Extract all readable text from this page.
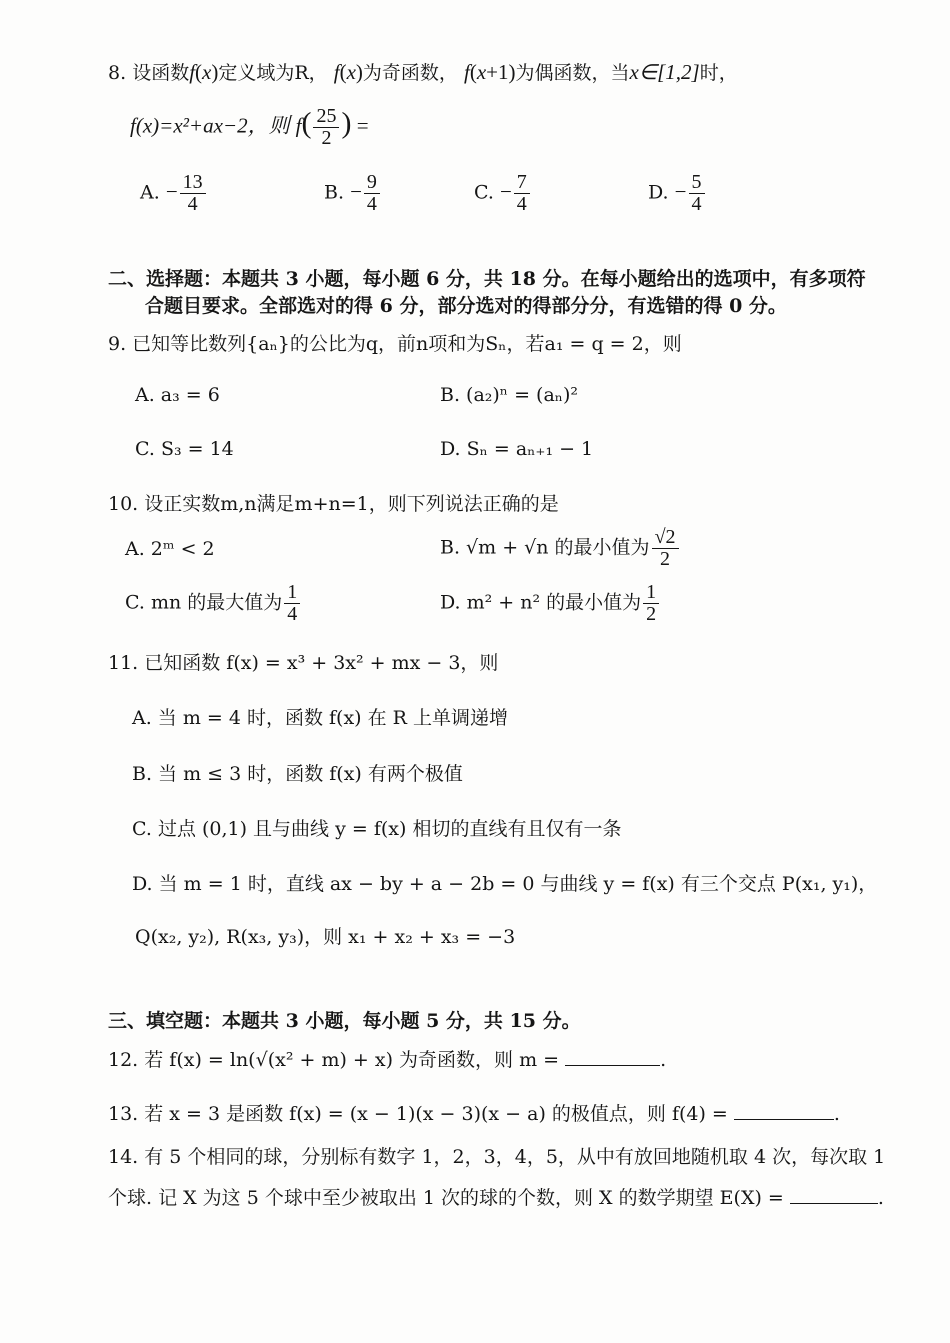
8. 设函数f(x)定义域为R， f(x)为奇函数， f(x+1)为偶函数，当x∈[1,2]时，
f(x)=x²+ax−2，则 $f( \frac{25}{2}$ ) =
A. − $\frac{13}{4}$	B. − $\frac{9}{4}$	C. − $\frac{7}{4}$	D. − $\frac{5}{4}$
二、选择题：本题共 3 小题，每小题 6 分，共 18 分。在每小题给出的选项中，有多项符
合题目要求。全部选对的得 6 分，部分选对的得部分分，有选错的得 0 分。
9. 已知等比数列{aₙ}的公比为q，前n项和为Sₙ，若a₁ = q = 2，则
A. a₃ = 6	B. (a₂)ⁿ = (aₙ)²
C. S₃ = 14	D. Sₙ = aₙ₊₁ − 1
10. 设正实数m,n满足m+n=1，则下列说法正确的是
A. 2ᵐ < 2	B. √m + √n 的最小值为 $\frac{√2}{2}$
C. mn 的最大值为 $\frac{1}{4}$	D. m² + n² 的最小值为 $\frac{1}{2}$
11. 已知函数 f(x) = x³ + 3x² + mx − 3，则
A. 当 m = 4 时，函数 f(x) 在 R 上单调递增
B. 当 m ≤ 3 时，函数 f(x) 有两个极值
C. 过点 (0,1) 且与曲线 y = f(x) 相切的直线有且仅有一条
D. 当 m = 1 时，直线 ax − by + a − 2b = 0 与曲线 y = f(x) 有三个交点 P(x₁, y₁)，
Q(x₂, y₂), R(x₃, y₃)，则 x₁ + x₂ + x₃ = −3
三、填空题：本题共 3 小题，每小题 5 分，共 15 分。
12. 若 f(x) = ln(√(x² + m) + x) 为奇函数，则 m =	.
13. 若 x = 3 是函数 f(x) = (x − 1)(x − 3)(x − a) 的极值点，则 f(4) =	.
14. 有 5 个相同的球，分别标有数字 1，2，3，4，5，从中有放回地随机取 4 次，每次取 1
个球. 记 X 为这 5 个球中至少被取出 1 次的球的个数，则 X 的数学期望 E(X) =	.
